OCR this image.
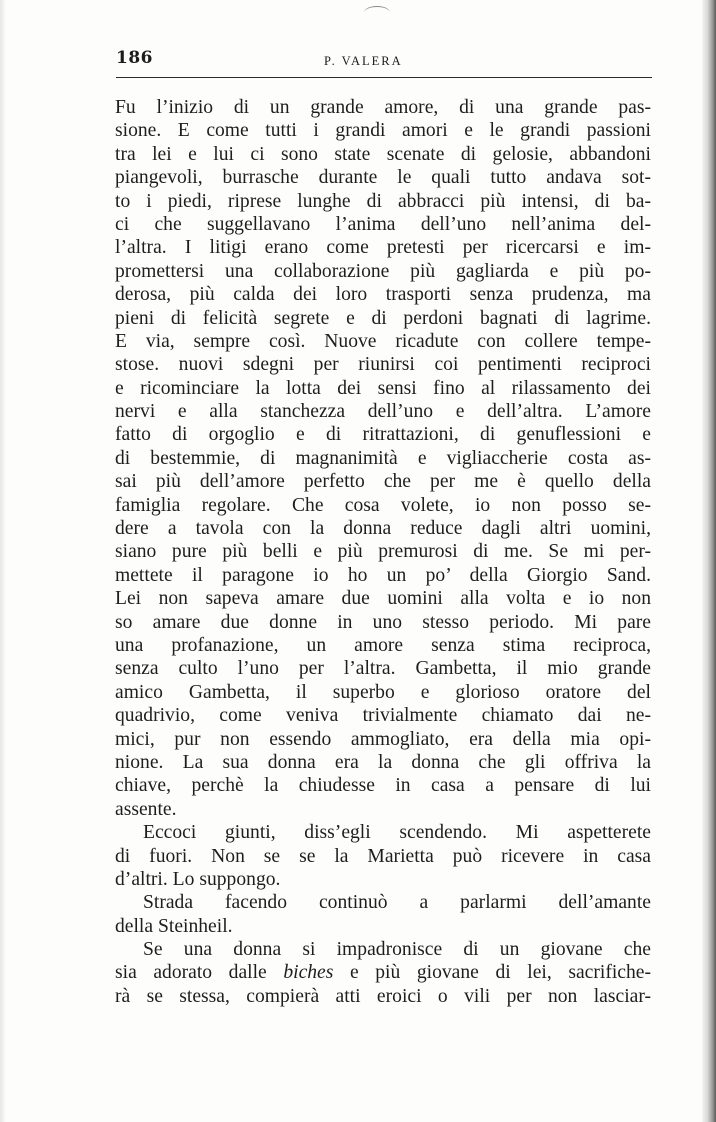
186	P. VALERA
Fu l’inizio di un grande amore, di una grande pas-
sione. E come tutti i grandi amori e le grandi passioni
tra lei e lui ci sono state scenate di gelosie, abbandoni
piangevoli, burrasche durante le quali tutto andava sot-
to i piedi, riprese lunghe di abbracci più intensi, di ba-
ci che suggellavano l’anima dell’uno nell’anima del-
l’altra. I litigi erano come pretesti per ricercarsi e im-
promettersi una collaborazione più gagliarda e più po-
derosa, più calda dei loro trasporti senza prudenza, ma
pieni di felicità segrete e di perdoni bagnati di lagrime.
E via, sempre così. Nuove ricadute con collere tempe-
stose. nuovi sdegni per riunirsi coi pentimenti reciproci
e ricominciare la lotta dei sensi fino al rilassamento dei
nervi e alla stanchezza dell’uno e dell’altra. L’amore
fatto di orgoglio e di ritrattazioni, di genuflessioni e
di bestemmie, di magnanimità e vigliaccherie costa as-
sai più dell’amore perfetto che per me è quello della
famiglia regolare. Che cosa volete, io non posso se-
dere a tavola con la donna reduce dagli altri uomini,
siano pure più belli e più premurosi di me. Se mi per-
mettete il paragone io ho un po’ della Giorgio Sand.
Lei non sapeva amare due uomini alla volta e io non
so amare due donne in uno stesso periodo. Mi pare
una profanazione, un amore senza stima reciproca,
senza culto l’uno per l’altra. Gambetta, il mio grande
amico Gambetta, il superbo e glorioso oratore del
quadrivio, come veniva trivialmente chiamato dai ne-
mici, pur non essendo ammogliato, era della mia opi-
nione. La sua donna era la donna che gli offriva la
chiave, perchè la chiudesse in casa a pensare di lui
assente.
Eccoci giunti, diss’egli scendendo. Mi aspetterete
di fuori. Non se se la Marietta può ricevere in casa
d’altri. Lo suppongo.
Strada facendo continuò a parlarmi dell’amante
della Steinheil.
Se una donna si impadronisce di un giovane che
sia adorato dalle biches e più giovane di lei, sacrifiche-
rà se stessa, compierà atti eroici o vili per non lasciar-
